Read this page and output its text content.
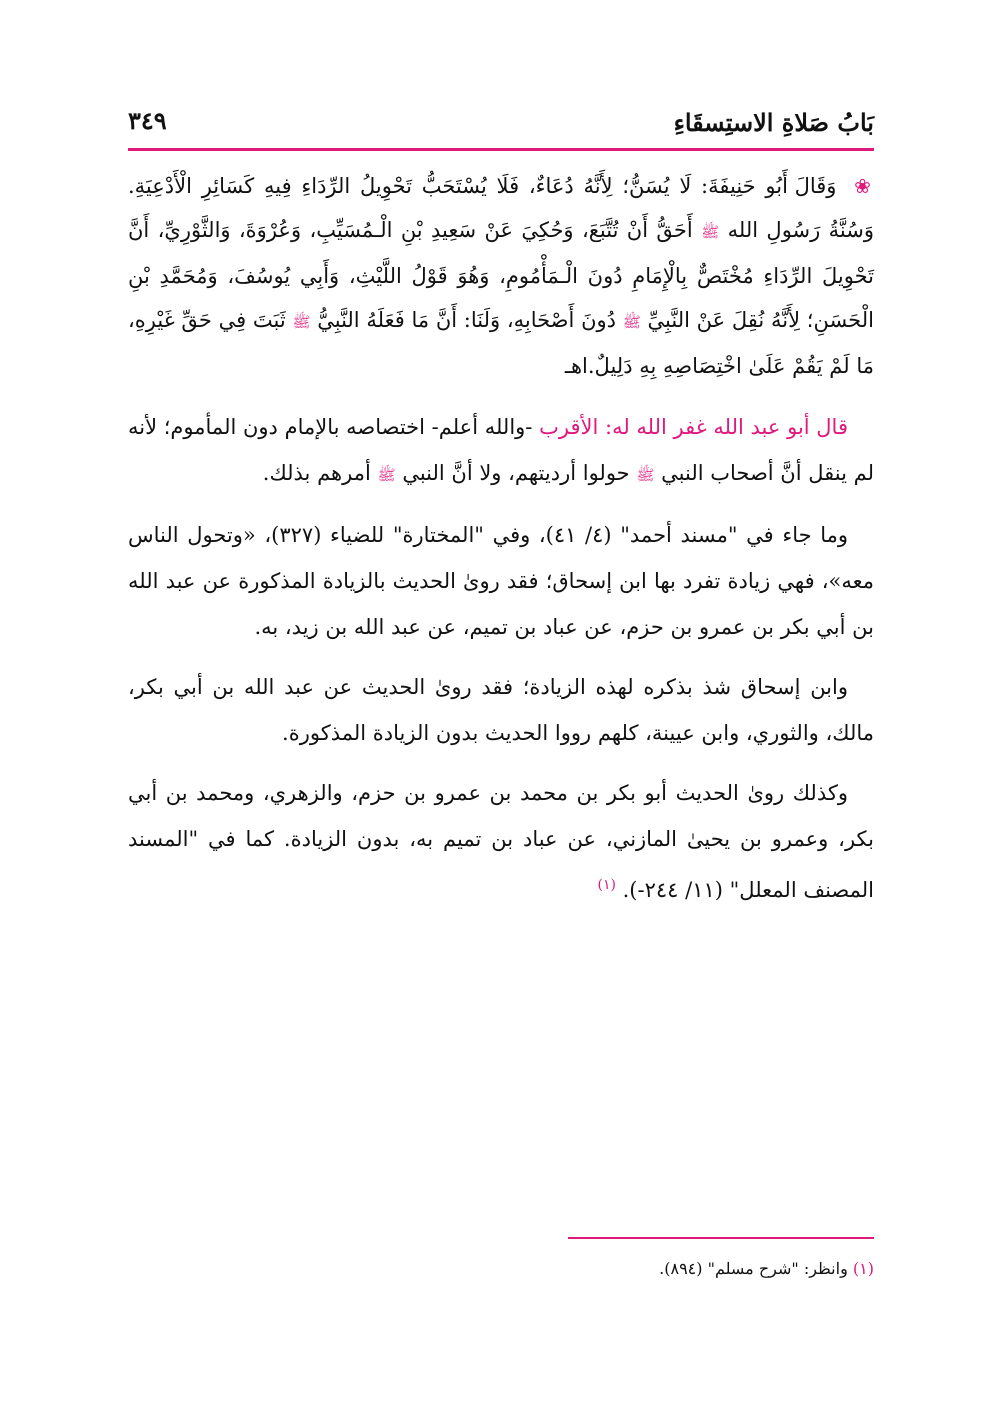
بَابُ صَلاةِ الاستِسقَاءِ
٣٤٩

❀ وَقَالَ أَبُو حَنِيفَةَ: لَا يُسَنُّ؛ لِأَنَّهُ دُعَاءٌ، فَلَا يُسْتَحَبُّ تَحْوِيلُ الرِّدَاءِ فِيهِ كَسَائِرِ الْأَدْعِيَةِ. وَسُنَّةُ رَسُولِ الله ﷺ أَحَقُّ أَنْ تُتَّبَعَ، وَحُكِيَ عَنْ سَعِيدِ بْنِ الْـمُسَيِّبِ، وَعُرْوَةَ، وَالثَّوْرِيِّ، أَنَّ تَحْوِيلَ الرِّدَاءِ مُخْتَصٌّ بِالْإِمَامِ دُونَ الْـمَأْمُومِ، وَهُوَ قَوْلُ اللَّيْثِ، وَأَبِي يُوسُفَ، وَمُحَمَّدِ بْنِ الْحَسَنِ؛ لِأَنَّهُ نُقِلَ عَنْ النَّبِيِّ ﷺ دُونَ أَصْحَابِهِ، وَلَنَا: أَنَّ مَا فَعَلَهُ النَّبِيُّ ﷺ ثَبَتَ فِي حَقِّ غَيْرِهِ، مَا لَمْ يَقُمْ عَلَىٰ اخْتِصَاصِهِ بِهِ دَلِيلٌ.اهـ

قال أبو عبد الله غفر الله له: الأقرب -والله أعلم- اختصاصه بالإمام دون المأموم؛ لأنه لم ينقل أنَّ أصحاب النبي ﷺ حولوا أرديتهم، ولا أنَّ النبي ﷺ أمرهم بذلك.

وما جاء في "مسند أحمد" (٤/ ٤١)، وفي "المختارة" للضياء (٣٢٧)، «وتحول الناس معه»، فهي زيادة تفرد بها ابن إسحاق؛ فقد رویٰ الحديث بالزيادة المذكورة عن عبد الله بن أبي بكر بن عمرو بن حزم، عن عباد بن تميم، عن عبد الله بن زيد، به.

وابن إسحاق شذ بذكره لهذه الزيادة؛ فقد رویٰ الحديث عن عبد الله بن أبي بكر، مالك، والثوري، وابن عيينة، كلهم رووا الحديث بدون الزيادة المذكورة.

وكذلك رویٰ الحديث أبو بكر بن محمد بن عمرو بن حزم، والزهري، ومحمد بن أبي بكر، وعمرو بن يحيىٰ المازني، عن عباد بن تميم به، بدون الزيادة. كما في "المسند المصنف المعلل" (١١/ ٢٤٤-). $^{(١)}$

(١) وانظر: "شرح مسلم" (٨٩٤).
